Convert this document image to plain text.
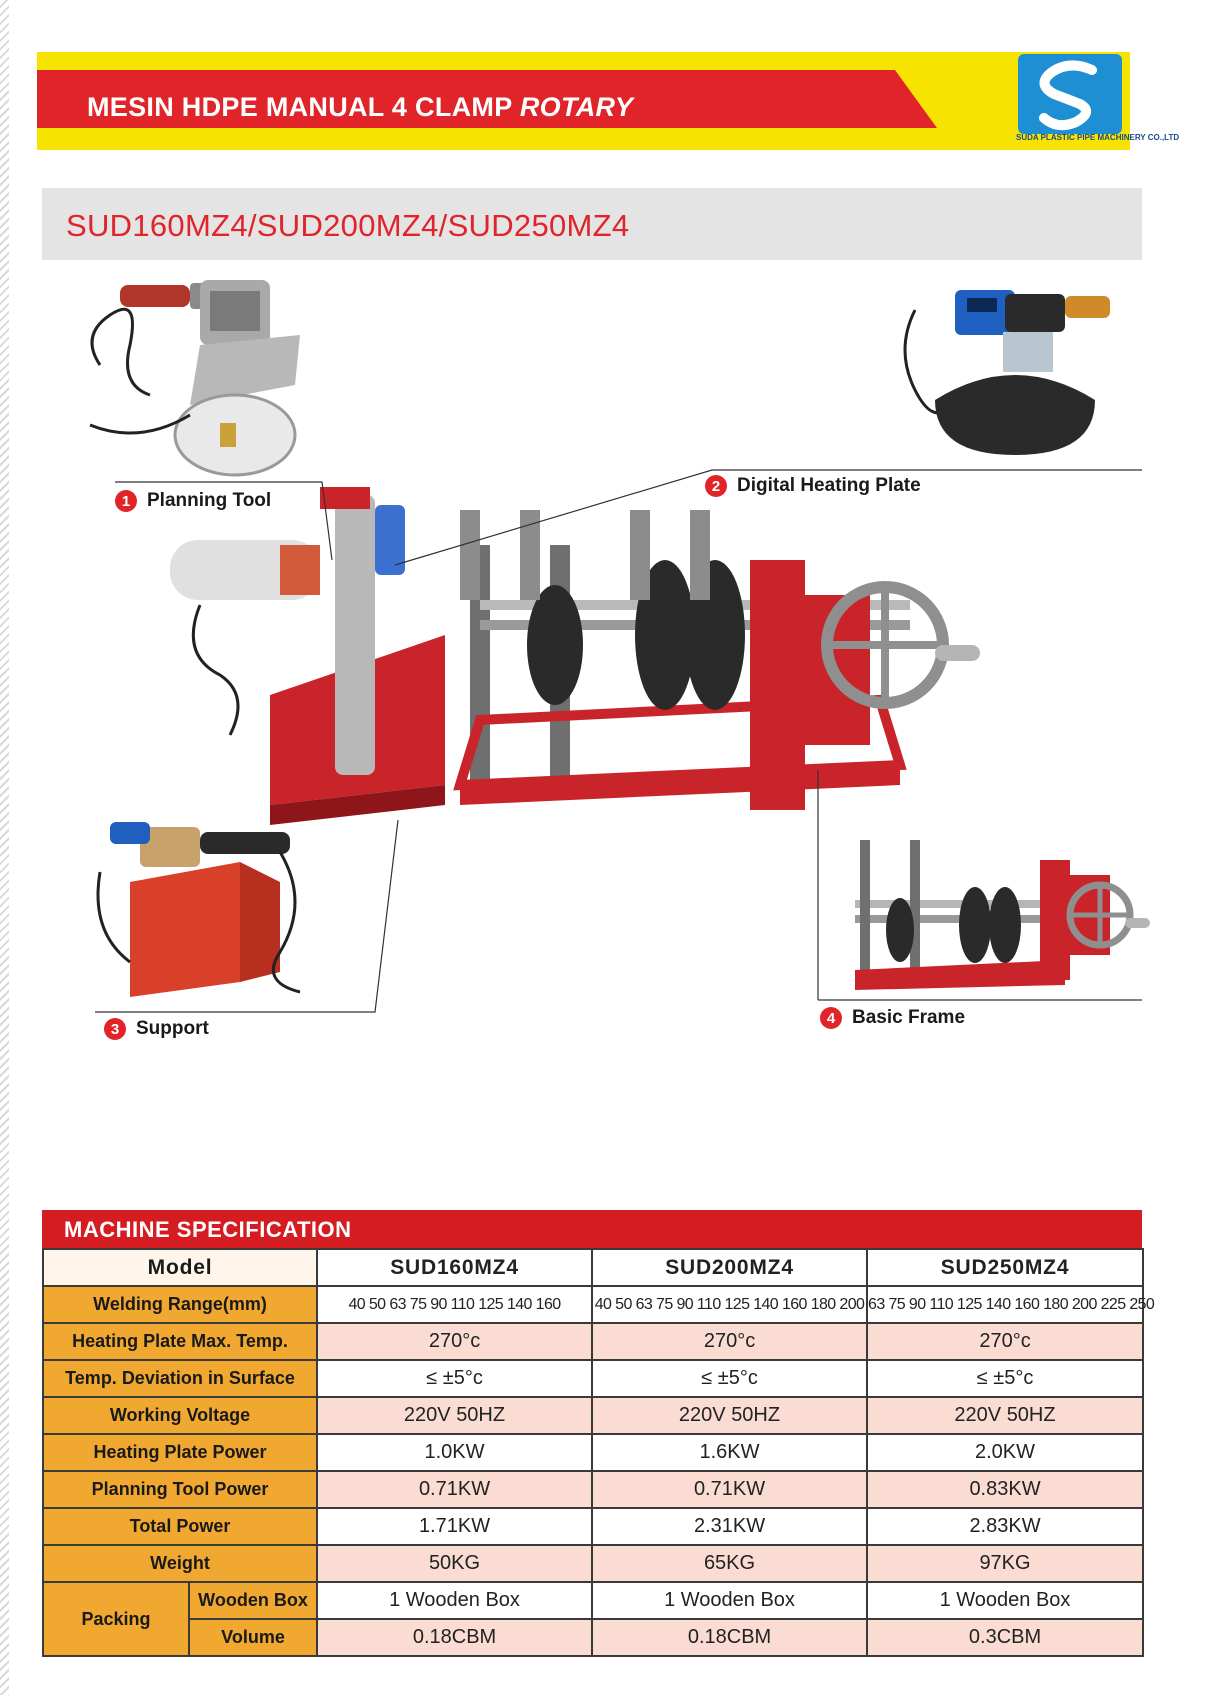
MESIN HDPE MANUAL 4 CLAMP ROTARY
SUDA PLASTIC PIPE MACHINERY CO.,LTD
SUD160MZ4/SUD200MZ4/SUD250MZ4
1 Planning Tool
2 Digital Heating Plate
3 Support	4 Basic Frame
MACHINE SPECIFICATION
Model		SUD160MZ4	SUD200MZ4	SUD250MZ4
Welding Range(mm)		40 50 63 75 90 110 125 140 160	40 50 63 75 90 110 125 140 160 180 200	63 75 90 110 125 140 160 180 200 225 250
Heating Plate Max. Temp.		270°c	270°c	270°c
Temp. Deviation in Surface		≤ ±5°c	≤ ±5°c	≤ ±5°c
Working Voltage		220V 50HZ	220V 50HZ	220V 50HZ
Heating Plate Power		1.0KW	1.6KW	2.0KW
Planning Tool Power		0.71KW	0.71KW	0.83KW
Total Power		1.71KW	2.31KW	2.83KW
Weight		50KG	65KG	97KG
Packing	Wooden Box	1 Wooden Box	1 Wooden Box	1 Wooden Box
	Volume	0.18CBM	0.18CBM	0.3CBM
